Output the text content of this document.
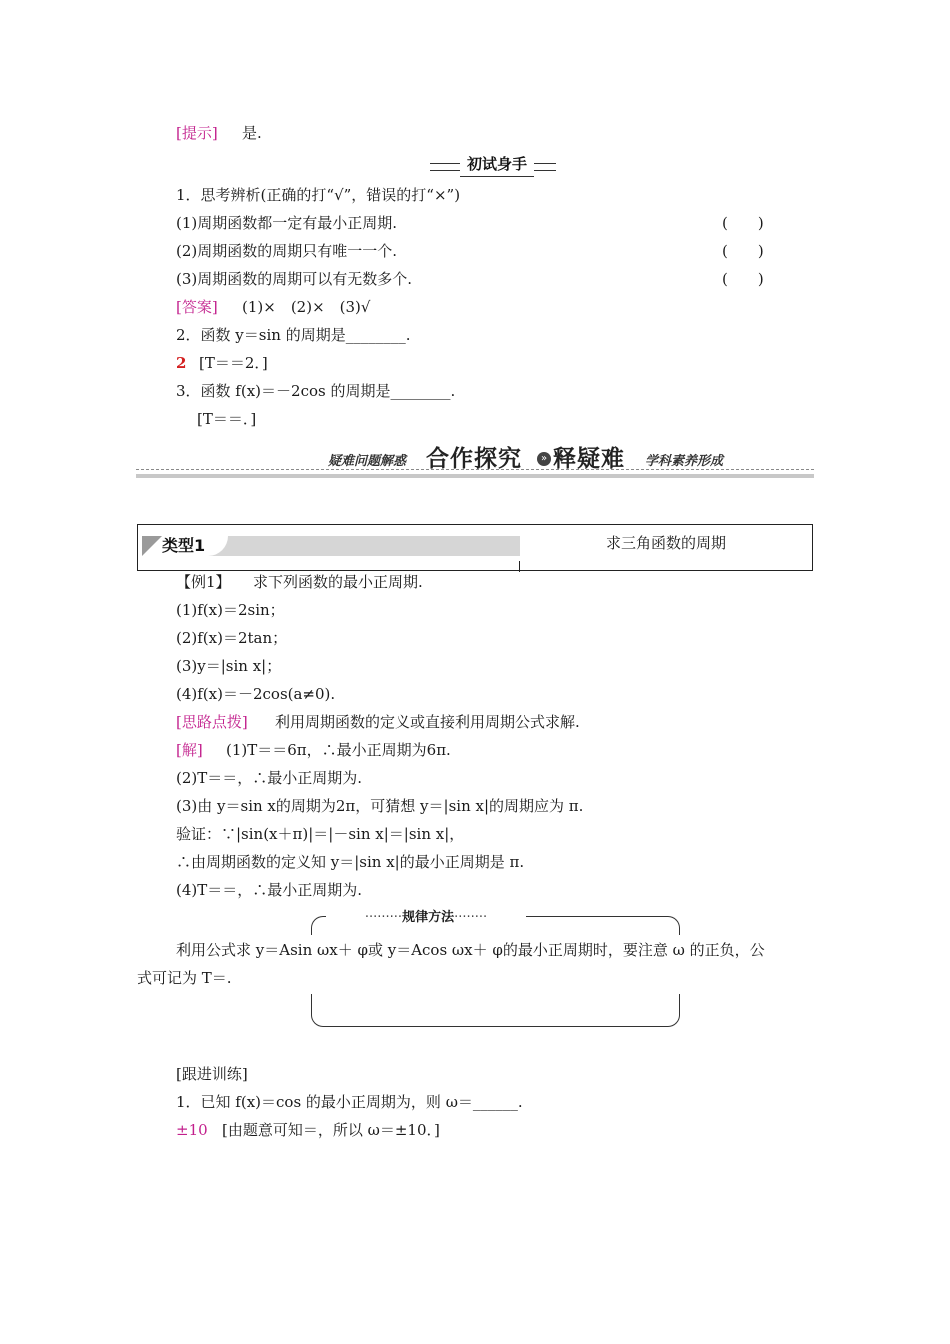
[提示] 是.
初试身手
1．思考辨析(正确的打“√”，错误的打“×”)
(1)周期函数都一定有最小正周期.	(　　)
(2)周期函数的周期只有唯一一个.	(　　)
(3)周期函数的周期可以有无数多个.	(　　)
[答案] (1)×　(2)×　(3)√
2．函数 y＝sin 的周期是________.
2 [T＝＝2．]
3．函数 f(x)＝－2cos 的周期是________.
[T＝＝．]
疑难问题解惑 合作探究	» 释疑难 学科素养形成
类型1	求三角函数的周期
【例1】 求下列函数的最小正周期.
(1)f(x)＝2sin；
(2)f(x)＝2tan；
(3)y＝|sin x|；
(4)f(x)＝－2cos(a≠0).
[思路点拨] 利用周期函数的定义或直接利用周期公式求解.
[解] (1)T＝＝6π，∴最小正周期为6π.
(2)T＝＝，∴最小正周期为.
(3)由 y＝sin x的周期为2π，可猜想 y＝|sin x|的周期应为 π.
验证：∵|sin(x＋π)|＝|－sin x|＝|sin x|，
∴由周期函数的定义知 y＝|sin x|的最小正周期是 π.
(4)T＝＝，∴最小正周期为.
·········规律方法········
利用公式求 y＝Asin ωx＋ φ或 y＝Acos ωx＋ φ的最小正周期时，要注意 ω 的正负，公
式可记为 T＝.
[跟进训练]
1．已知 f(x)＝cos 的最小正周期为，则 ω＝______.
±10 [由题意可知＝，所以 ω＝±10．]
